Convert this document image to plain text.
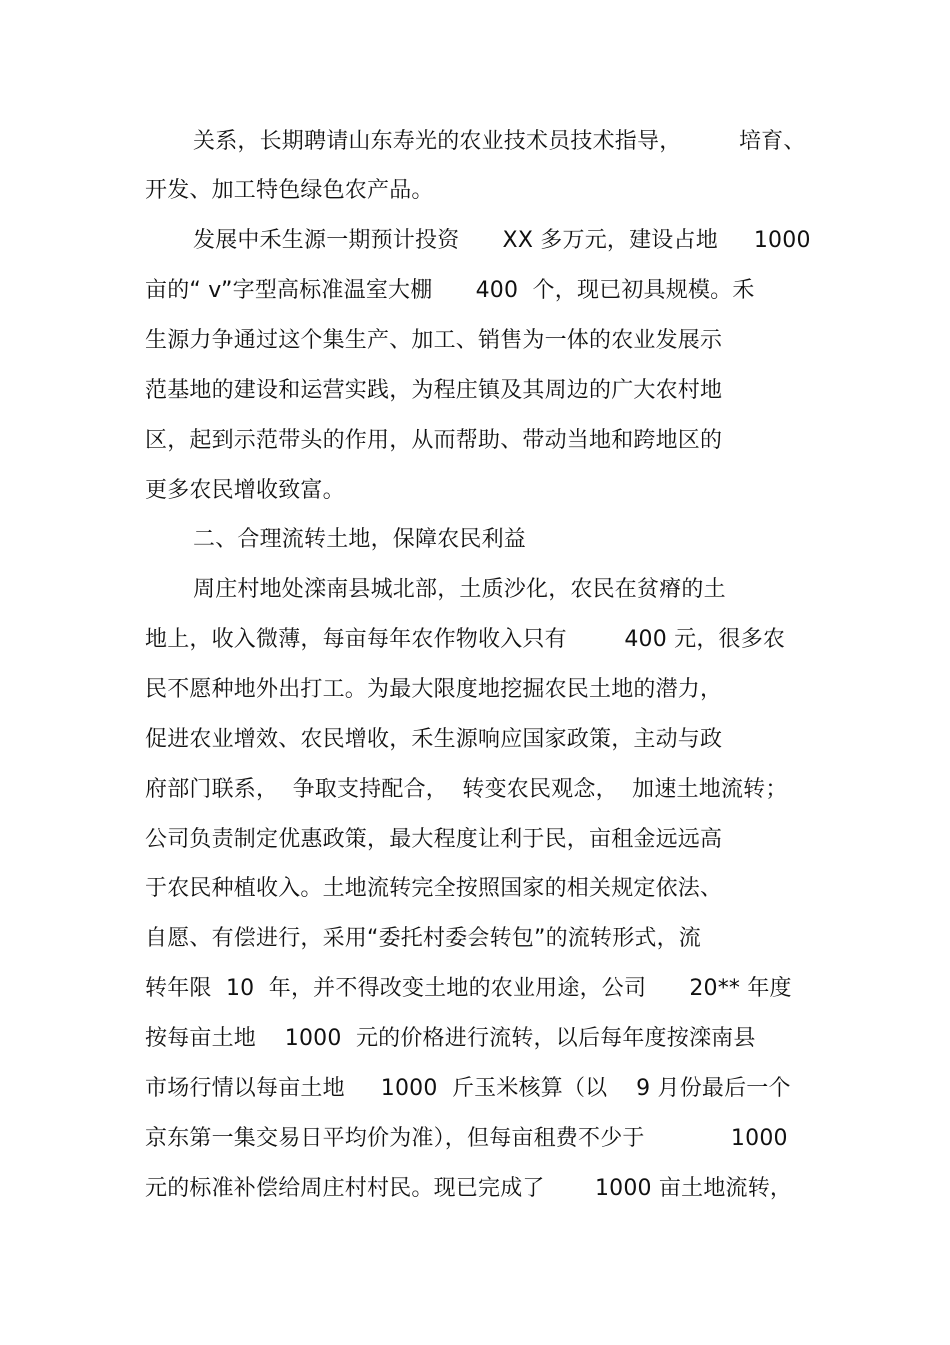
关系，长期聘请山东寿光的农业技术员技术指导，        培育、
开发、加工特色绿色农产品。
发展中禾生源一期预计投资      XX 多万元，建设占地     1000
亩的“ v”字型高标准温室大棚      400  个，现已初具规模。禾
生源力争通过这个集生产、加工、销售为一体的农业发展示
范基地的建设和运营实践，为程庄镇及其周边的广大农村地
区，起到示范带头的作用，从而帮助、带动当地和跨地区的
更多农民增收致富。
二、合理流转土地，保障农民利益
周庄村地处滦南县城北部，土质沙化，农民在贫瘠的土
地上，收入微薄，每亩每年农作物收入只有        400 元，很多农
民不愿种地外出打工。为最大限度地挖掘农民土地的潜力，
促进农业增效、农民增收，禾生源响应国家政策，主动与政
府部门联系，  争取支持配合，  转变农民观念，  加速土地流转；
公司负责制定优惠政策，最大程度让利于民，亩租金远远高
于农民种植收入。土地流转完全按照国家的相关规定依法、
自愿、有偿进行，采用“委托村委会转包”的流转形式，流
转年限  10  年，并不得改变土地的农业用途，公司      20** 年度
按每亩土地    1000  元的价格进行流转，以后每年度按滦南县
市场行情以每亩土地     1000  斤玉米核算（以    9 月份最后一个
京东第一集交易日平均价为准），但每亩租费不少于            1000
元的标准补偿给周庄村村民。现已完成了       1000 亩土地流转，
